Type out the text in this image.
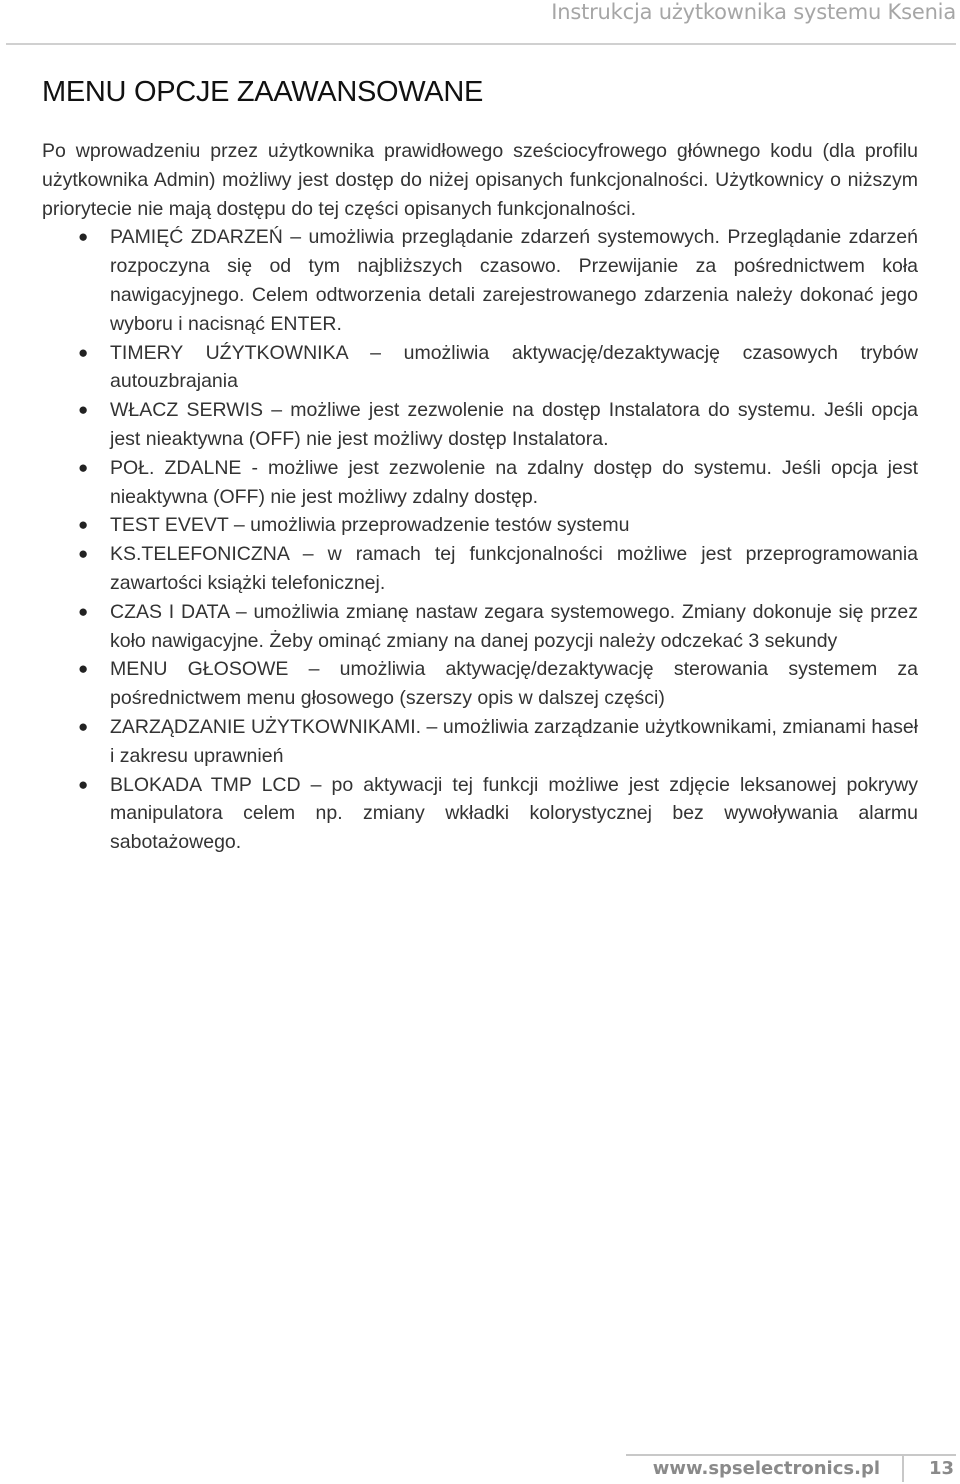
Instrukcja użytkownika systemu Ksenia
MENU OPCJE ZAAWANSOWANE

Po wprowadzeniu przez użytkownika prawidłowego sześciocyfrowego głównego kodu (dla profilu użytkownika Admin) możliwy jest dostęp do niżej opisanych funkcjonalności. Użytkownicy o niższym priorytecie nie mają dostępu do tej części opisanych funkcjonalności.

● PAMIĘĆ ZDARZEŃ – umożliwia przeglądanie zdarzeń systemowych. Przeglądanie zdarzeń rozpoczyna się od tym najbliższych czasowo. Przewijanie za pośrednictwem koła nawigacyjnego. Celem odtworzenia detali zarejestrowanego zdarzenia należy dokonać jego wyboru i nacisnąć ENTER.
● TIMERY UŹYTKOWNIKA – umożliwia aktywację/dezaktywację czasowych trybów autouzbrajania
● WŁACZ SERWIS – możliwe jest zezwolenie na dostęp Instalatora do systemu. Jeśli opcja jest nieaktywna (OFF) nie jest możliwy dostęp Instalatora.
● POŁ. ZDALNE - możliwe jest zezwolenie na zdalny dostęp do systemu. Jeśli opcja jest nieaktywna (OFF) nie jest możliwy zdalny dostęp.
● TEST EVEVT – umożliwia przeprowadzenie testów systemu
● KS.TELEFONICZNA – w ramach tej funkcjonalności możliwe jest przeprogramowania zawartości książki telefonicznej.
● CZAS I DATA – umożliwia zmianę nastaw zegara systemowego. Zmiany dokonuje się przez koło nawigacyjne. Żeby ominąć zmiany na danej pozycji należy odczekać 3 sekundy
● MENU GŁOSOWE – umożliwia aktywację/dezaktywację sterowania systemem za pośrednictwem menu głosowego (szerszy opis w dalszej części)
● ZARZĄDZANIE UŻYTKOWNIKAMI. – umożliwia zarządzanie użytkownikami, zmianami haseł i zakresu uprawnień
● BLOKADA TMP LCD – po aktywacji tej funkcji możliwe jest zdjęcie leksanowej pokrywy manipulatora celem np. zmiany wkładki kolorystycznej bez wywoływania alarmu sabotażowego.
www.spselectronics.pl	13
